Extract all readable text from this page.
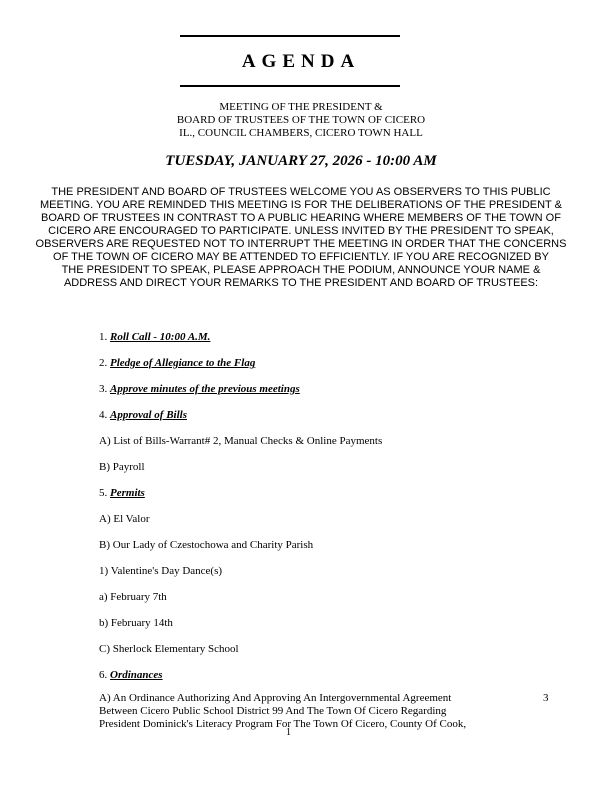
AGENDA
MEETING OF THE PRESIDENT &
BOARD OF TRUSTEES OF THE TOWN OF CICERO
IL., COUNCIL CHAMBERS, CICERO TOWN HALL
TUESDAY, JANUARY 27, 2026 - 10:00 AM
THE PRESIDENT AND BOARD OF TRUSTEES WELCOME YOU AS OBSERVERS TO THIS PUBLIC
MEETING. YOU ARE REMINDED THIS MEETING IS FOR THE DELIBERATIONS OF THE PRESIDENT &
BOARD OF TRUSTEES IN CONTRAST TO A PUBLIC HEARING WHERE MEMBERS OF THE TOWN OF
CICERO ARE ENCOURAGED TO PARTICIPATE. UNLESS INVITED BY THE PRESIDENT TO SPEAK,
OBSERVERS ARE REQUESTED NOT TO INTERRUPT THE MEETING IN ORDER THAT THE CONCERNS
OF THE TOWN OF CICERO MAY BE ATTENDED TO EFFICIENTLY. IF YOU ARE RECOGNIZED BY
THE PRESIDENT TO SPEAK, PLEASE APPROACH THE PODIUM, ANNOUNCE YOUR NAME &
ADDRESS AND DIRECT YOUR REMARKS TO THE PRESIDENT AND BOARD OF TRUSTEES:
1. Roll Call - 10:00 A.M.
2. Pledge of Allegiance to the Flag
3. Approve minutes of the previous meetings
4. Approval of Bills
A) List of Bills-Warrant# 2, Manual Checks & Online Payments
B) Payroll
5. Permits
A) El Valor
B) Our Lady of Czestochowa and Charity Parish
1) Valentine's Day Dance(s)
a) February 7th
b) February 14th
C) Sherlock Elementary School
6. Ordinances
A) An Ordinance Authorizing And Approving An Intergovernmental Agreement
Between Cicero Public School District 99 And The Town Of Cicero Regarding
President Dominick's Literacy Program For The Town Of Cicero, County Of Cook,
3
1
